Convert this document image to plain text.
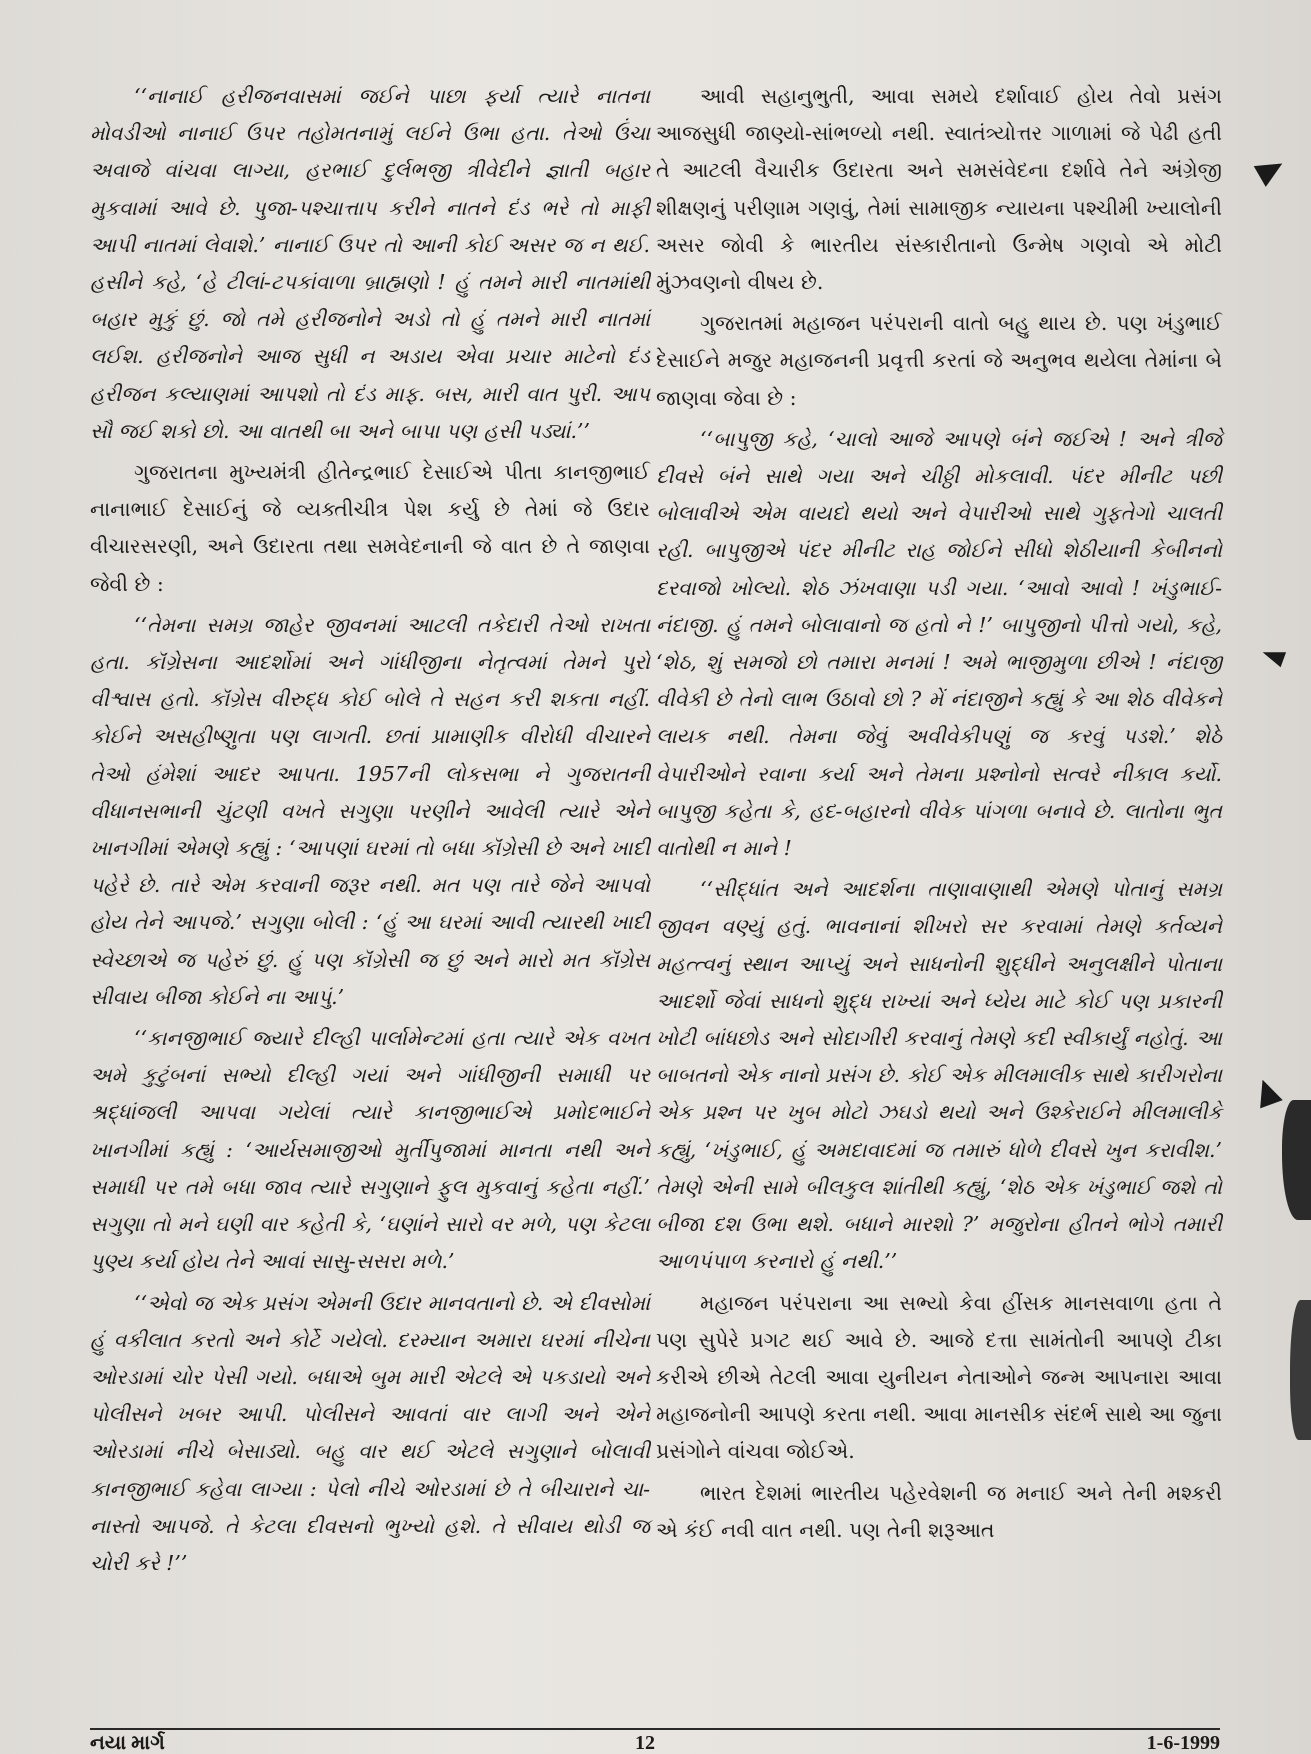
‘‘નાનાઈ હરીજનવાસમાં જઈને પાછા ફર્યા ત્યારે નાતના મોવડીઓ નાનાઈ ઉપર તહોમતનામું લઈને ઉભા હતા. તેઓ ઉંચા અવાજે વાંચવા લાગ્યા, હરભાઈ દુર્લભજી ત્રીવેદીને જ્ઞાતી બહાર મુકવામાં આવે છે. પુજા-પશ્ચાત્તાપ કરીને નાતને દંડ ભરે તો માફી આપી નાતમાં લેવાશે.’ નાનાઈ ઉપર તો આની કોઈ અસર જ ન થઈ. હસીને કહે, ‘હે ટીલાં-ટપકાંવાળા બ્રાહ્મણો ! હું તમને મારી નાતમાંથી બહાર મુકું છું. જો તમે હરીજનોને અડો તો હું તમને મારી નાતમાં લઈશ. હરીજનોને આજ સુધી ન અડાય એવા પ્રચાર માટેનો દંડ હરીજન કલ્યાણમાં આપશો તો દંડ માફ. બસ, મારી વાત પુરી. આપ સૌ જઈ શકો છો. આ વાતથી બા અને બાપા પણ હસી પડ્યાં.’’

ગુજરાતના મુખ્યમંત્રી હીતેન્દ્રભાઈ દેસાઈએ પીતા કાનજીભાઈ નાનાભાઈ દેસાઈનું જે વ્યક્તીચીત્ર પેશ કર્યુ છે તેમાં જે ઉદાર વીચારસરણી, અને ઉદારતા તથા સમવેદનાની જે વાત છે તે જાણવા જેવી છે :

‘‘તેમના સમગ્ર જાહેર જીવનમાં આટલી તકેદારી તેઓ રાખતા હતા. કૉંગ્રેસના આદર્શોમાં અને ગાંધીજીના નેતૃત્વમાં તેમને પુરો વીશ્વાસ હતો. કૉંગ્રેસ વીરુદ્ધ કોઈ બોલે તે સહન કરી શકતા નહીં. કોઈને અસહીષ્ણુતા પણ લાગતી. છતાં પ્રામાણીક વીરોધી વીચારને તેઓ હંમેશાં આદર આપતા. 1957ની લોકસભા ને ગુજરાતની વીધાનસભાની ચુંટણી વખતે સગુણા પરણીને આવેલી ત્યારે એને ખાનગીમાં એમણે કહ્યું : ‘આપણાં ઘરમાં તો બધા કૉંગ્રેસી છે અને ખાદી પહેરે છે. તારે એમ કરવાની જરૂર નથી. મત પણ તારે જેને આપવો હોય તેને આપજે.’ સગુણા બોલી : ‘હું આ ઘરમાં આવી ત્યારથી ખાદી સ્વેચ્છાએ જ પહેરું છું. હું પણ કૉંગ્રેસી જ છું અને મારો મત કૉંગ્રેસ સીવાય બીજા કોઈને ના આપું.’

‘‘કાનજીભાઈ જ્યારે દીલ્હી પાર્લામેન્ટમાં હતા ત્યારે એક વખત અમે કુટુંબનાં સભ્યો દીલ્હી ગયાં અને ગાંધીજીની સમાધી પર શ્રદ્ધાંજલી આપવા ગયેલાં ત્યારે કાનજીભાઈએ પ્રમોદભાઈને ખાનગીમાં કહ્યું : ‘આર્યસમાજીઓ મુર્તીપુજામાં માનતા નથી અને સમાધી પર તમે બધા જાવ ત્યારે સગુણાને ફુલ મુકવાનું કહેતા નહીં.’ સગુણા તો મને ઘણી વાર કહેતી કે, ‘ઘણાંને સારો વર મળે, પણ કેટલા પુણ્ય કર્યા હોય તેને આવાં સાસુ-સસરા મળે.’

‘‘એવો જ એક પ્રસંગ એમની ઉદાર માનવતાનો છે. એ દીવસોમાં હું વકીલાત કરતો અને કોર્ટે ગયેલો. દરમ્યાન અમારા ઘરમાં નીચેના ઓરડામાં ચોર પેસી ગયો. બધાએ બુમ મારી એટલે એ પકડાયો અને પોલીસને ખબર આપી. પોલીસને આવતાં વાર લાગી અને એને ઓરડામાં નીચે બેસાડ્યો. બહુ વાર થઈ એટલે સગુણાને બોલાવી કાનજીભાઈ કહેવા લાગ્યા : પેલો નીચે ઓરડામાં છે તે બીચારાને ચા-નાસ્તો આપજે. તે કેટલા દીવસનો ભુખ્યો હશે. તે સીવાય થોડી જ ચોરી કરે !’’

આવી સહાનુભુતી, આવા સમયે દર્શાવાઈ હોય તેવો પ્રસંગ આજસુધી જાણ્યો-સાંભળ્યો નથી. સ્વાતંત્ર્યોત્તર ગાળામાં જે પેઢી હતી તે આટલી વૈચારીક ઉદારતા અને સમસંવેદના દર્શાવે તેને અંગ્રેજી શીક્ષણનું પરીણામ ગણવું, તેમાં સામાજીક ન્યાયના પશ્ચીમી ખ્યાલોની અસર જોવી કે ભારતીય સંસ્કારીતાનો ઉન્મેષ ગણવો એ મોટી મુંઝવણનો વીષય છે.

ગુજરાતમાં મહાજન પરંપરાની વાતો બહુ થાય છે. પણ ખંડુભાઈ દેસાઈને મજુર મહાજનની પ્રવૃત્તી કરતાં જે અનુભવ થયેલા તેમાંના બે જાણવા જેવા છે :

‘‘બાપુજી કહે, ‘ચાલો આજે આપણે બંને જઈએ ! અને ત્રીજે દીવસે બંને સાથે ગયા અને ચીઠ્ઠી મોકલાવી. પંદર મીનીટ પછી બોલાવીએ એમ વાયદો થયો અને વેપારીઓ સાથે ગુફતેગો ચાલતી રહી. બાપુજીએ પંદર મીનીટ રાહ જોઈને સીધો શેઠીયાની કેબીનનો દરવાજો ખોલ્યો. શેઠ ઝંખવાણા પડી ગયા. ‘આવો આવો ! ખંડુભાઈ-નંદાજી. હું તમને બોલાવાનો જ હતો ને !’ બાપુજીનો પીત્તો ગયો, કહે, ‘શેઠ, શું સમજો છો તમારા મનમાં ! અમે ભાજીમુળા છીએ ! નંદાજી વીવેકી છે તેનો લાભ ઉઠાવો છો ? મેં નંદાજીને કહ્યું કે આ શેઠ વીવેકને લાયક નથી. તેમના જેવું અવીવેકીપણું જ કરવું પડશે.’ શેઠે વેપારીઓને રવાના કર્યા અને તેમના પ્રશ્નોનો સત્વરે નીકાલ કર્યો. બાપુજી કહેતા કે, હદ-બહારનો વીવેક પાંગળા બનાવે છે. લાતોના ભુત વાતોથી ન માને !

‘‘સીદ્ધાંત અને આદર્શના તાણાવાણાથી એમણે પોતાનું સમગ્ર જીવન વણ્યું હતું. ભાવનાનાં શીખરો સર કરવામાં તેમણે કર્તવ્યને મહત્ત્વનું સ્થાન આપ્યું અને સાધનોની શુદ્ધીને અનુલક્ષીને પોતાના આદર્શો જેવાં સાધનો શુદ્ધ રાખ્યાં અને ધ્યેય માટે કોઈ પણ પ્રકારની ખોટી બાંધછોડ અને સોદાગીરી કરવાનું તેમણે કદી સ્વીકાર્યું નહોતું. આ બાબતનો એક નાનો પ્રસંગ છે. કોઈ એક મીલમાલીક સાથે કારીગરોના એક પ્રશ્ન પર ખુબ મોટો ઝઘડો થયો અને ઉશ્કેરાઈને મીલમાલીકે કહ્યું, ‘ખંડુભાઈ, હું અમદાવાદમાં જ તમારું ધોળે દીવસે ખુન કરાવીશ.’ તેમણે એની સામે બીલકુલ શાંતીથી કહ્યું, ‘શેઠ એક ખંડુભાઈ જશે તો બીજા દશ ઉભા થશે. બધાને મારશો ?’ મજુરોના હીતને ભોગે તમારી આળપંપાળ કરનારો હું નથી.’’

મહાજન પરંપરાના આ સભ્યો કેવા હીંસક માનસવાળા હતા તે પણ સુપેરે પ્રગટ થઈ આવે છે. આજે દત્તા સામંતોની આપણે ટીકા કરીએ છીએ તેટલી આવા યુનીયન નેતાઓને જન્મ આપનારા આવા મહાજનોની આપણે કરતા નથી. આવા માનસીક સંદર્ભ સાથે આ જુના પ્રસંગોને વાંચવા જોઈએ.

ભારત દેશમાં ભારતીય પહેરવેશની જ મનાઈ અને તેની મશ્કરી એ કંઈ નવી વાત નથી. પણ તેની શરૂઆત

નયા માર્ગ	12	1-6-1999
